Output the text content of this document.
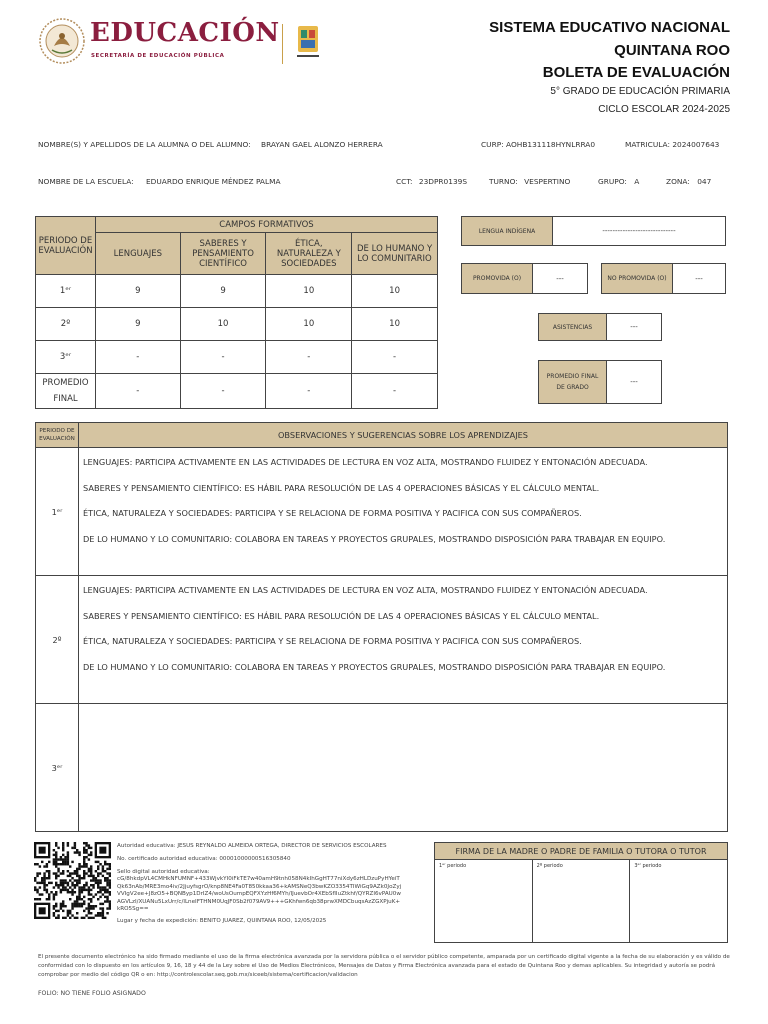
EDUCACIÓN
SECRETARÍA DE EDUCACIÓN PÚBLICA
SISTEMA EDUCATIVO NACIONAL
QUINTANA ROO
BOLETA DE EVALUACIÓN
5° GRADO DE EDUCACIÓN PRIMARIA
CICLO ESCOLAR 2024-2025
NOMBRE(S) Y APELLIDOS DE LA ALUMNA O DEL ALUMNO: BRAYAN GAEL ALONZO HERRERA	CURP: AOHB131118HYNLRRA0	MATRICULA: 2024007643
NOMBRE DE LA ESCUELA: EDUARDO ENRIQUE MÉNDEZ PALMA	CCT: 23DPR0139S	TURNO: VESPERTINO	GRUPO: A	ZONA: 047
PERIODO DE EVALUACIÓN	CAMPOS FORMATIVOS			
	LENGUAJES	SABERES Y PENSAMIENTO CIENTÍFICO	ÉTICA, NATURALEZA Y SOCIEDADES	DE LO HUMANO Y LO COMUNITARIO
1ᵉʳ	9	9	10	10
2º	9	10	10	10
3ᵉʳ	-	-	-	-
PROMEDIO FINAL	-	-	-	-
LENGUA INDÍGENA	-----------------------------
PROMOVIDA (O)	---	NO PROMOVIDA (O)	---
ASISTENCIAS	---
PROMEDIO FINAL DE GRADO
---
PERIODO DE EVALUACIÓN	OBSERVACIONES Y SUGERENCIAS SOBRE LOS APRENDIZAJES
1ᵉʳ	LENGUAJES: PARTICIPA ACTIVAMENTE EN LAS ACTIVIDADES DE LECTURA EN VOZ ALTA, MOSTRANDO FLUIDEZ Y ENTONACIÓN ADECUADA.
SABERES Y PENSAMIENTO CIENTÍFICO: ES HÁBIL PARA RESOLUCIÓN DE LAS 4 OPERACIONES BÁSICAS Y EL CÁLCULO MENTAL.
ÉTICA, NATURALEZA Y SOCIEDADES: PARTICIPA Y SE RELACIONA DE FORMA POSITIVA Y PACIFICA CON SUS COMPAÑEROS.
DE LO HUMANO Y LO COMUNITARIO: COLABORA EN TAREAS Y PROYECTOS GRUPALES, MOSTRANDO DISPOSICIÓN PARA TRABAJAR EN EQUIPO.

2º	LENGUAJES: PARTICIPA ACTIVAMENTE EN LAS ACTIVIDADES DE LECTURA EN VOZ ALTA, MOSTRANDO FLUIDEZ Y ENTONACIÓN ADECUADA.
SABERES Y PENSAMIENTO CIENTÍFICO: ES HÁBIL PARA RESOLUCIÓN DE LAS 4 OPERACIONES BÁSICAS Y EL CÁLCULO MENTAL.
ÉTICA, NATURALEZA Y SOCIEDADES: PARTICIPA Y SE RELACIONA DE FORMA POSITIVA Y PACIFICA CON SUS COMPAÑEROS.
DE LO HUMANO Y LO COMUNITARIO: COLABORA EN TAREAS Y PROYECTOS GRUPALES, MOSTRANDO DISPOSICIÓN PARA TRABAJAR EN EQUIPO.

3ᵉʳ	
Autoridad educativa: JESUS REYNALDO ALMEIDA ORTEGA, DIRECTOR DE SERVICIOS ESCOLARES
No. certificado autoridad educativa: 00001000000516305840
Sello digital autoridad educativa:
cG/8hkdpVL4CMHkNFUMNF+433WjvkYI0iFkTE7w40amH9tnh058N4kIhGgHT77niXdy6zHLDzuPyHYeiTQk63nAb/MRE3mo4iv/2JjuyfsgrO/knp8NE4Fa0T850kkaa36+kAMSNeQ3bwKZO3354TIWiGq9AZk0JoZyjVVIgV2ee+J8zO5+BQNByp1DrIZ4/woUsOumpEQFXYzHf6MYh/IJuevbOr4XEbSflIuZtkhf/QYRZI6vPAU0wAGVLzI/XUANu5LxUrr/c/lLneIFTHNM0UqJF0Sb2f079AV9+++GKhfwn6qb38prwXMDCbuqsAzZGXPjuK+kRO5Sg==
Lugar y fecha de expedición: BENITO JUAREZ, QUINTANA ROO, 12/05/2025
FIRMA DE LA MADRE O PADRE DE FAMILIA O TUTORA O TUTOR
1ᵉʳ periodo	2º periodo	3ᵉʳ periodo
El presente documento electrónico ha sido firmado mediante el uso de la firma electrónica avanzada por la servidora pública o el servidor público competente, amparada por un certificado digital vigente a la fecha de su elaboración y es válido de conformidad con lo dispuesto en los artículos 9, 16, 18 y 44 de la Ley sobre el Uso de Medios Electrónicos, Mensajes de Datos y Firma Electrónica avanzada para el estado de Quintana Roo y demas aplicables. Su integridad y autoría se podrá comprobar por medio del código QR o en: http://controlescolar.seq.gob.mx/siceeb/sistema/certificacion/validacion
FOLIO: NO TIENE FOLIO ASIGNADO
